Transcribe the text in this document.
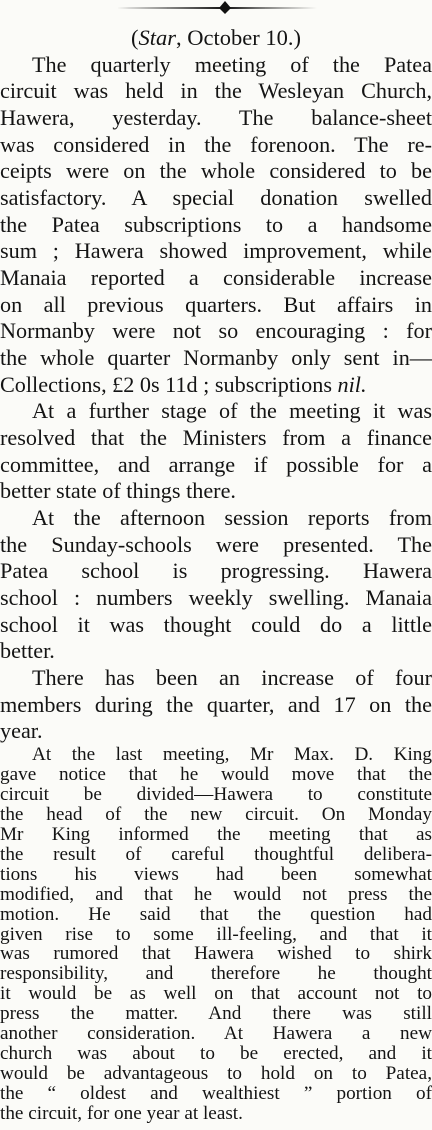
(Star, October 10.)
The quarterly meeting of the Patea
circuit was held in the Wesleyan Church,
Hawera, yesterday. The balance-sheet
was considered in the forenoon. The re-
ceipts were on the whole considered to be
satisfactory. A special donation swelled
the Patea subscriptions to a handsome
sum ; Hawera showed improvement, while
Manaia reported a considerable increase
on all previous quarters. But affairs in
Normanby were not so encouraging : for
the whole quarter Normanby only sent in—
Collections, £2 0s 11d ; subscriptions nil.
At a further stage of the meeting it was
resolved that the Ministers from a finance
committee, and arrange if possible for a
better state of things there.
At the afternoon session reports from
the Sunday-schools were presented. The
Patea school is progressing. Hawera
school : numbers weekly swelling. Manaia
school it was thought could do a little
better.
There has been an increase of four
members during the quarter, and 17 on the
year.
At the last meeting, Mr Max. D. King
gave notice that he would move that the
circuit be divided—Hawera to constitute
the head of the new circuit. On Monday
Mr King informed the meeting that as
the result of careful thoughtful delibera-
tions his views had been somewhat
modified, and that he would not press the
motion. He said that the question had
given rise to some ill-feeling, and that it
was rumored that Hawera wished to shirk
responsibility, and therefore he thought
it would be as well on that account not to
press the matter. And there was still
another consideration. At Hawera a new
church was about to be erected, and it
would be advantageous to hold on to Patea,
the “ oldest and wealthiest ” portion of
the circuit, for one year at least.
